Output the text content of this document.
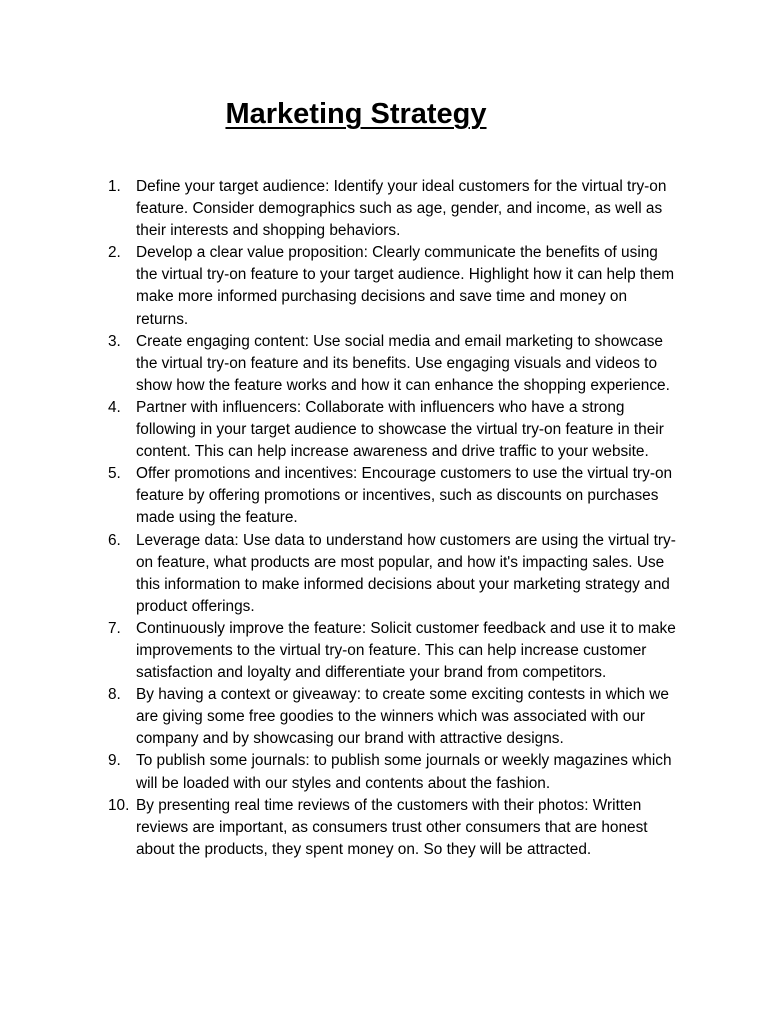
Marketing Strategy
1. Define your target audience: Identify your ideal customers for the virtual try-on feature. Consider demographics such as age, gender, and income, as well as their interests and shopping behaviors.
2. Develop a clear value proposition: Clearly communicate the benefits of using the virtual try-on feature to your target audience. Highlight how it can help them make more informed purchasing decisions and save time and money on returns.
3. Create engaging content: Use social media and email marketing to showcase the virtual try-on feature and its benefits. Use engaging visuals and videos to show how the feature works and how it can enhance the shopping experience.
4. Partner with influencers: Collaborate with influencers who have a strong following in your target audience to showcase the virtual try-on feature in their content. This can help increase awareness and drive traffic to your website.
5. Offer promotions and incentives: Encourage customers to use the virtual try-on feature by offering promotions or incentives, such as discounts on purchases made using the feature.
6. Leverage data: Use data to understand how customers are using the virtual try-on feature, what products are most popular, and how it's impacting sales. Use this information to make informed decisions about your marketing strategy and product offerings.
7. Continuously improve the feature: Solicit customer feedback and use it to make improvements to the virtual try-on feature. This can help increase customer satisfaction and loyalty and differentiate your brand from competitors.
8. By having a context or giveaway: to create some exciting contests in which we are giving some free goodies to the winners which was associated with our company and by showcasing our brand with attractive designs.
9. To publish some journals: to publish some journals or weekly magazines which will be loaded with our styles and contents about the fashion.
10. By presenting real time reviews of the customers with their photos: Written reviews are important, as consumers trust other consumers that are honest about the products, they spent money on. So they will be attracted.
